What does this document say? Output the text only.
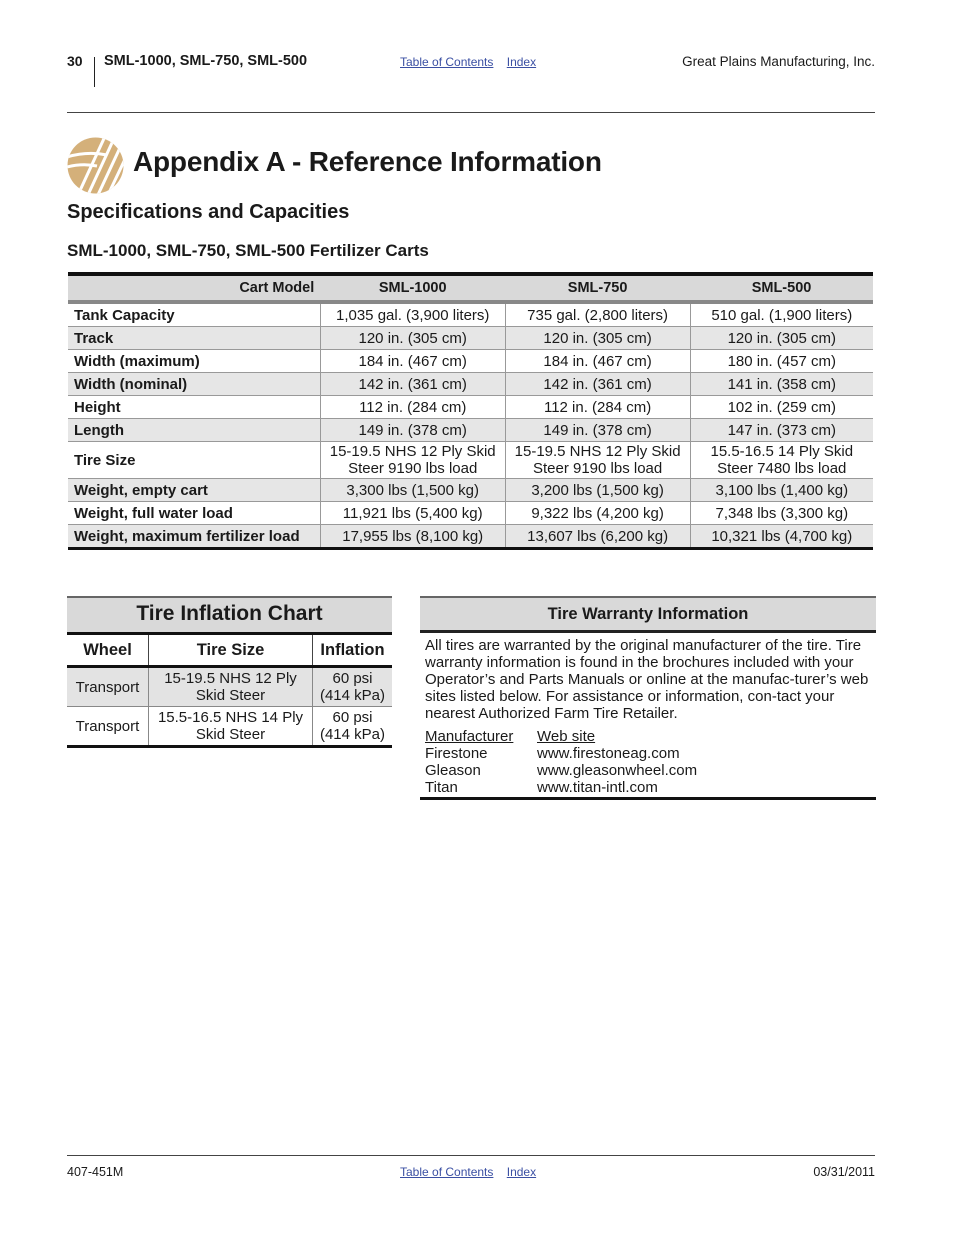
30 SML-1000, SML-750, SML-500	Table of Contents Index	Great Plains Manufacturing, Inc.
Appendix A - Reference Information
Specifications and Capacities
SML-1000, SML-750, SML-500 Fertilizer Carts
Cart Model	SML-1000	SML-750	SML-500
Tank Capacity	1,035 gal. (3,900 liters)	735 gal. (2,800 liters)	510 gal. (1,900 liters)
Track	120 in. (305 cm)	120 in. (305 cm)	120 in. (305 cm)
Width (maximum)	184 in. (467 cm)	184 in. (467 cm)	180 in. (457 cm)
Width (nominal)	142 in. (361 cm)	142 in. (361 cm)	141 in. (358 cm)
Height	112 in. (284 cm)	112 in. (284 cm)	102 in. (259 cm)
Length	149 in. (378 cm)	149 in. (378 cm)	147 in. (373 cm)
Tire Size	15-19.5 NHS 12 Ply Skid Steer 9190 lbs load	15-19.5 NHS 12 Ply Skid Steer 9190 lbs load	15.5-16.5 14 Ply Skid Steer 7480 lbs load
Weight, empty cart	3,300 lbs (1,500 kg)	3,200 lbs (1,500 kg)	3,100 lbs (1,400 kg)
Weight, full water load	11,921 lbs (5,400 kg)	9,322 lbs (4,200 kg)	7,348 lbs (3,300 kg)
Weight, maximum fertilizer load	17,955 lbs (8,100 kg)	13,607 lbs (6,200 kg)	10,321 lbs (4,700 kg)
Tire Inflation Chart
Wheel	Tire Size	Inflation
Transport	15-19.5 NHS 12 Ply Skid Steer	60 psi (414 kPa)
Transport	15.5-16.5 NHS 14 Ply Skid Steer	60 psi (414 kPa)
Tire Warranty Information
All tires are warranted by the original manufacturer of the tire. Tire warranty information is found in the brochures included with your Operator’s and Parts Manuals or online at the manufac-turer’s web sites listed below. For assistance or information, con-tact your nearest Authorized Farm Tire Retailer.
Manufacturer	Web site
Firestone	www.firestoneag.com
Gleason	www.gleasonwheel.com
Titan	www.titan-intl.com
407-451M	Table of Contents Index	03/31/2011
